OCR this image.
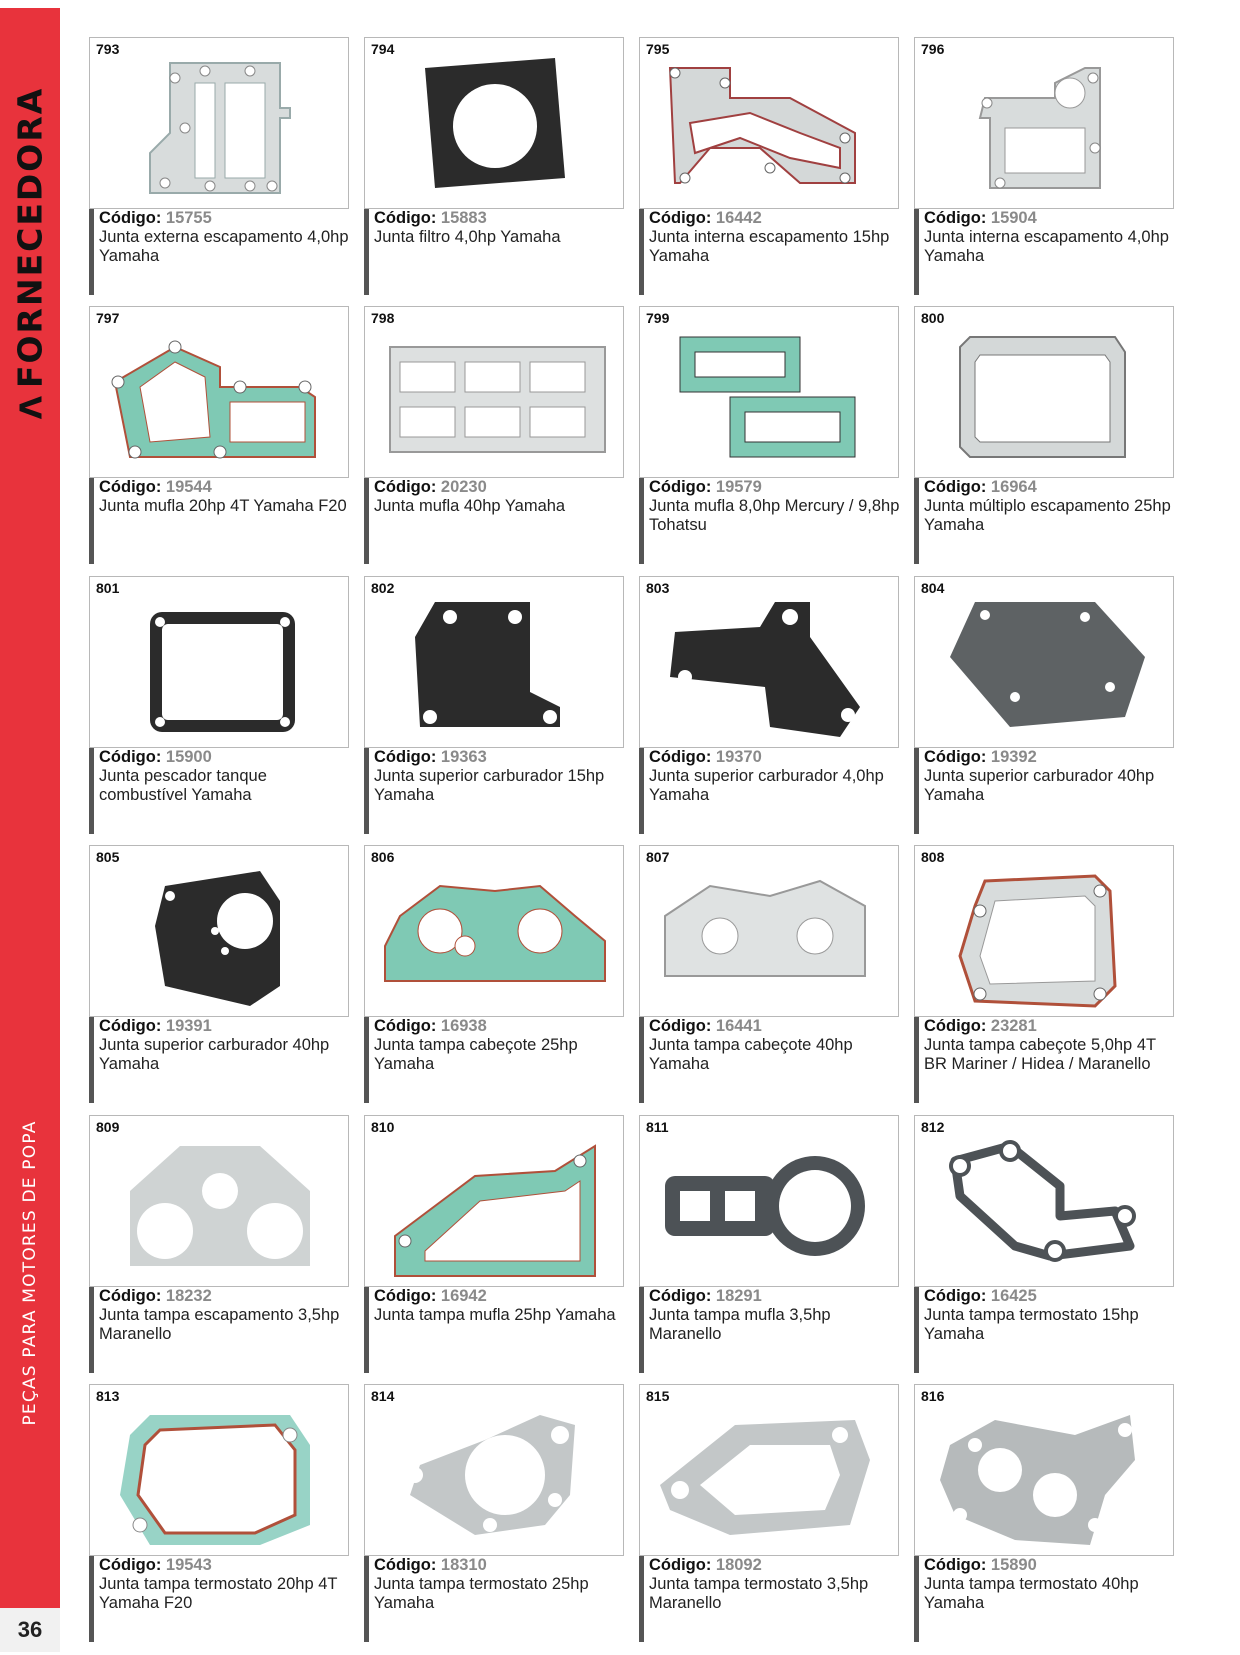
ΛFORNECEDORA
PEÇAS PARA MOTORES DE POPA
36
793
Código: 15755
Junta externa escapamento 4,0hp Yamaha
794
Código: 15883
Junta filtro 4,0hp Yamaha
795
Código: 16442
Junta interna escapamento 15hp Yamaha
796
Código: 15904
Junta interna escapamento 4,0hp Yamaha
797
Código: 19544
Junta mufla 20hp 4T Yamaha F20
798
Código: 20230
Junta mufla 40hp Yamaha
799
Código: 19579
Junta mufla 8,0hp Mercury / 9,8hp Tohatsu
800
Código: 16964
Junta múltiplo escapamento 25hp Yamaha
801
Código: 15900
Junta pescador tanque combustível Yamaha
802
Código: 19363
Junta superior carburador 15hp Yamaha
803
Código: 19370
Junta superior carburador 4,0hp Yamaha
804
Código: 19392
Junta superior carburador 40hp Yamaha
805
Código: 19391
Junta superior carburador 40hp Yamaha
806
Código: 16938
Junta tampa cabeçote 25hp Yamaha
807
Código: 16441
Junta tampa cabeçote 40hp Yamaha
808
Código: 23281
Junta tampa cabeçote 5,0hp 4T BR Mariner / Hidea / Maranello
809
Código: 18232
Junta tampa escapamento 3,5hp Maranello
810
Código: 16942
Junta tampa mufla 25hp Yamaha
811
Código: 18291
Junta tampa mufla 3,5hp Maranello
812
Código: 16425
Junta tampa termostato 15hp Yamaha
813
Código: 19543
Junta tampa termostato 20hp 4T Yamaha F20
814
Código: 18310
Junta tampa termostato 25hp Yamaha
815
Código: 18092
Junta tampa termostato 3,5hp Maranello
816
Código: 15890
Junta tampa termostato 40hp Yamaha
